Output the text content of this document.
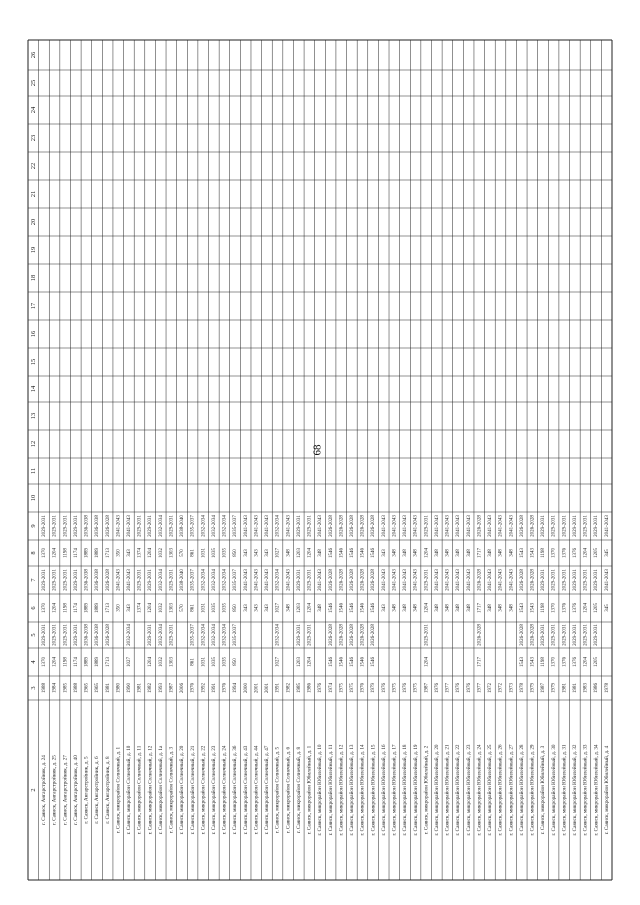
2
3
4
5
6
7
8
9
10
11
12
13
14
15
16
17
18
19
20
21
22
23
24
25
26
г. Саянск, Ангарстройник, д. 24
1988
1370
2029-2031
1370
2029-2031
1370
2029-2031
г. Саянск, Ангарстройник, д. 25
1984
1204
2029-2031
1204
2029-2031
1204
2029-2031
г. Саянск, Ангарстройник, д. 27
1985
1198
2029-2031
1198
2029-2031
1198
2029-2031
г. Саянск, Ангарстройник, д. 40
1988
1174
2029-2031
1174
2029-2031
1174
2029-2031
г. Саянск, Ангарстройник, д. 5
1965
1889
2036-2038
1889
2036-2038
1889
2036-2038
г. Саянск, Ангарстройник, д. 6
1965
1889
2036-2038
1889
2036-2038
1889
2036-2038
г. Саянск, Ангарстройник, д. 8
1981
1713
2026-2028
1713
2026-2028
1713
2026-2028
г. Саянск, микрорайон Солнечный, д. 1
1980
350
2041-2043
350
2041-2043
г. Саянск, микрорайон Солнечный, д. 10
1990
1027
2032-2034
343
2041-2043
343
2041-2043
г. Саянск, микрорайон Солнечный, д. 11
1981
1374
2029-2031
1374
2029-2031
г. Саянск, микрорайон Солнечный, д. 12
1982
1204
2029-2031
1204
2029-2031
1204
2029-2031
г. Саянск, микрорайон Солнечный, д. 1а
1993
1032
2032-2034
1032
2032-2034
1032
2032-2034
г. Саянск, микрорайон Солнечный, д. 3
1987
1303
2029-2031
1303
2029-2031
1303
2029-2031
г. Саянск, микрорайон Солнечный, д. 20
2006
570
2038-2040
570
2038-2040
г. Саянск, микрорайон Солнечный, д. 21
1976
861
2035-2037
861
2035-2037
861
2035-2037
г. Саянск, микрорайон Солнечный, д. 22
1992
1031
2032-2034
1031
2032-2034
1031
2032-2034
г. Саянск, микрорайон Солнечный, д. 23
1991
1035
2032-2034
1035
2032-2034
1035
2032-2034
г. Саянск, микрорайон Солнечный, д. 24
1976
1035
2032-2034
1035
2032-2034
1035
2032-2034
г. Саянск, микрорайон Солнечный, д. 36
1994
850
2035-2037
850
2035-2037
850
2035-2037
г. Саянск, микрорайон Солнечный, д. 43
2000
343
2041-2043
343
2041-2043
г. Саянск, микрорайон Солнечный, д. 44
2001
343
2041-2043
343
2041-2043
г. Саянск, микрорайон Солнечный, д. 47
2001
343
2041-2043
343
2041-2043
г. Саянск, микрорайон Солнечный, д. 5
1991
1027
2032-2034
1027
2032-2034
1027
2032-2034
г. Саянск, микрорайон Солнечный, д. 6
1982
348
2041-2043
348
2041-2043
г. Саянск, микрорайон Солнечный, д. 8
1985
1203
2029-2031
1203
2029-2031
1203
2029-2031
г. Саянск, микрорайон Юбилейный, д. 1
1986
1204
2029-2031
1204
2029-2031
1204
2029-2031
г. Саянск, микрорайон Юбилейный, д. 10
1976
348
2041-2043
348
2041-2043
г. Саянск, микрорайон Юбилейный, д. 11
1974
1546
2026-2028
1546
2026-2028
1546
2026-2028
г. Саянск, микрорайон Юбилейный, д. 12
1975
1546
2026-2028
1546
2026-2028
1546
2026-2028
г. Саянск, микрорайон Юбилейный, д. 13
1975
1546
2026-2028
1546
2026-2028
1546
2026-2028
г. Саянск, микрорайон Юбилейный, д. 14
1976
1546
2026-2028
1546
2026-2028
1546
2026-2028
г. Саянск, микрорайон Юбилейный, д. 15
1979
1546
2026-2028
1546
2026-2028
1546
2026-2028
г. Саянск, микрорайон Юбилейный, д. 16
1976
343
2041-2043
343
2041-2043
г. Саянск, микрорайон Юбилейный, д. 17
1975
348
2041-2043
348
2041-2043
г. Саянск, микрорайон Юбилейный, д. 18
1976
348
2041-2043
348
2041-2043
г. Саянск, микрорайон Юбилейный, д. 19
1975
348
2041-2043
348
2041-2043
г. Саянск, микрорайон Юбилейный, д. 2
1987
1204
2029-2031
1204
2029-2031
1204
2029-2031
г. Саянск, микрорайон Юбилейный, д. 20
1976
348
2041-2043
348
2041-2043
г. Саянск, микрорайон Юбилейный, д. 21
1977
348
2041-2043
348
2041-2043
г. Саянск, микрорайон Юбилейный, д. 22
1976
348
2041-2043
348
2041-2043
г. Саянск, микрорайон Юбилейный, д. 23
1976
348
2041-2043
348
2041-2043
г. Саянск, микрорайон Юбилейный, д. 24
1977
1717
2026-2028
1717
2026-2028
1717
2026-2028
г. Саянск, микрорайон Юбилейный, д. 25
1972
348
2041-2043
348
2041-2043
г. Саянск, микрорайон Юбилейный, д. 26
1972
348
2041-2043
348
2041-2043
г. Саянск, микрорайон Юбилейный, д. 27
1973
348
2041-2043
348
2041-2043
г. Саянск, микрорайон Юбилейный, д. 28
1978
1543
2026-2028
1543
2026-2028
1543
2026-2028
г. Саянск, микрорайон Юбилейный, д. 29
1979
1543
2026-2028
1543
2026-2028
1543
2026-2028
г. Саянск, микрорайон Юбилейный, д. 3
1987
1198
2029-2031
1198
2029-2031
1198
2029-2031
г. Саянск, микрорайон Юбилейный, д. 30
1979
1370
2029-2031
1370
2029-2031
1370
2029-2031
г. Саянск, микрорайон Юбилейный, д. 31
1981
1376
2029-2031
1376
2029-2031
1376
2029-2031
г. Саянск, микрорайон Юбилейный, д. 32
1981
1376
2029-2031
1376
2029-2031
1376
2029-2031
г. Саянск, микрорайон Юбилейный, д. 33
1983
1204
2029-2031
1204
2029-2031
1204
2029-2031
г. Саянск, микрорайон Юбилейный, д. 34
1986
1205
2029-2031
1205
2029-2031
1205
2029-2031
г. Саянск, микрорайон Юбилейный, д. 4
1978
345
2041-2043
345
2041-2043
68
